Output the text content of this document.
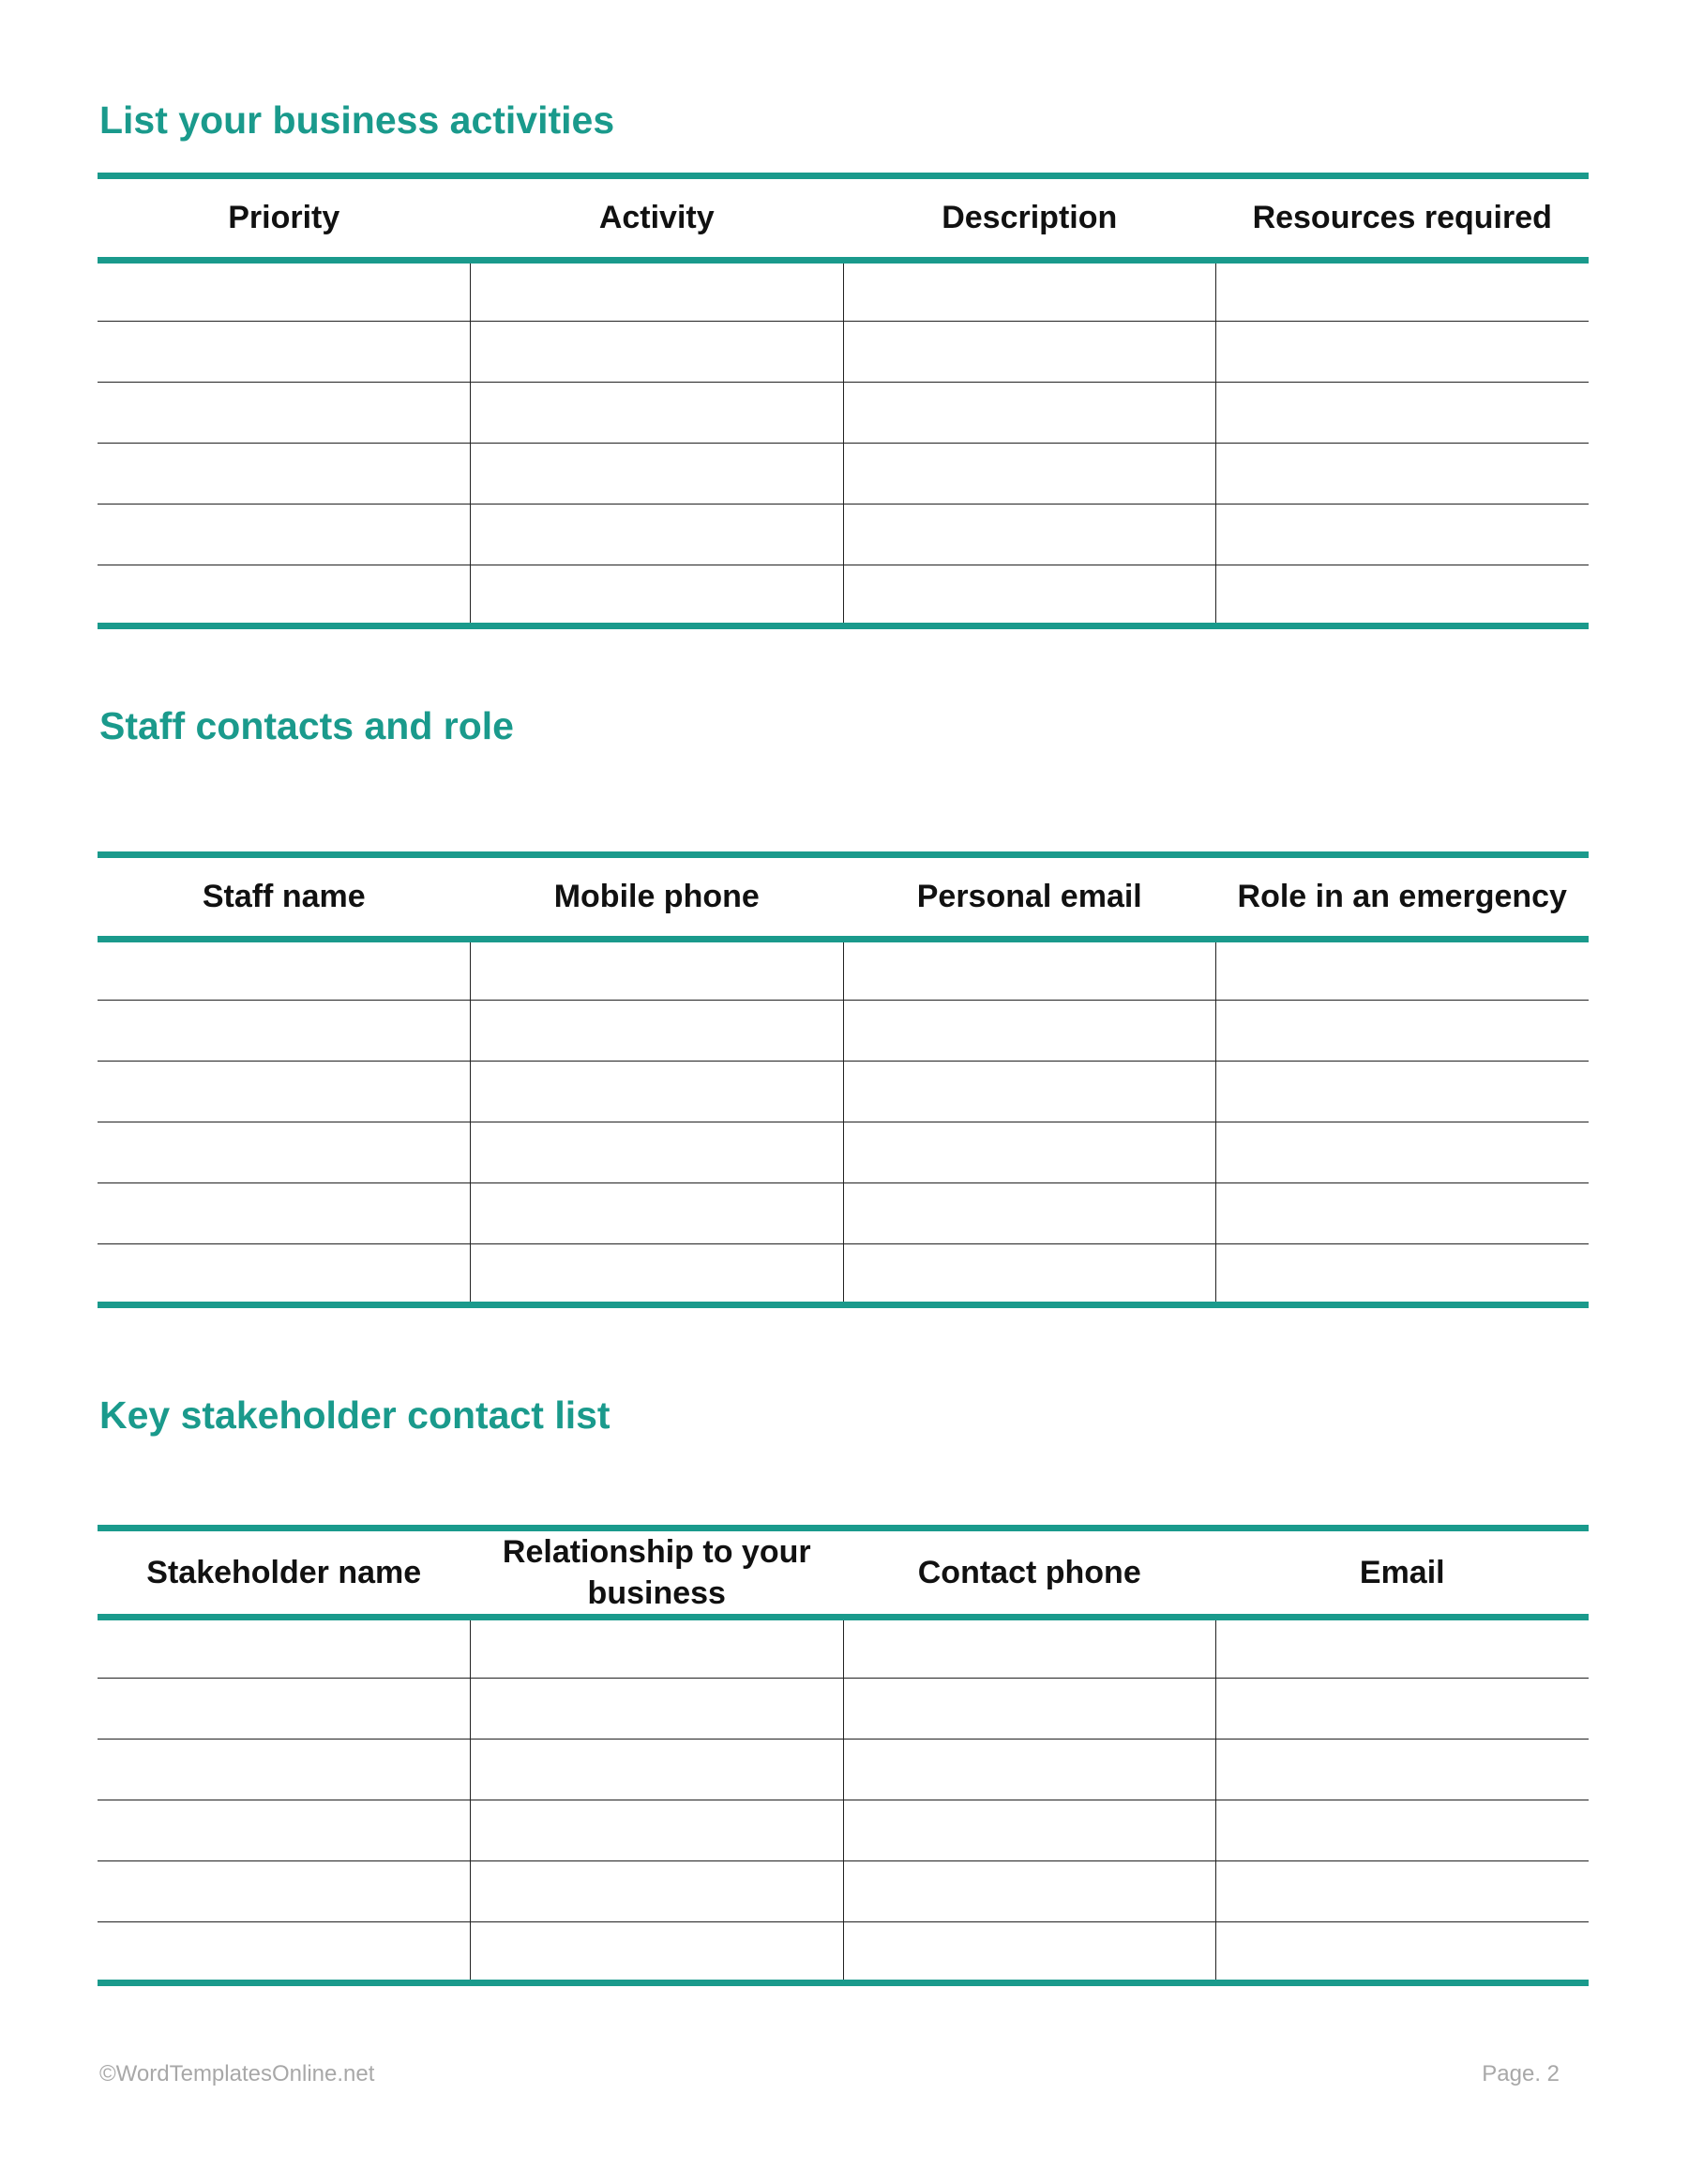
List your business activities
Priority	Activity	Description	Resources required

Staff contacts and role
Staff name	Mobile phone	Personal email	Role in an emergency

Key stakeholder contact list
Stakeholder name	Relationship to your business	Contact phone	Email

©WordTemplatesOnline.net	Page. 2
